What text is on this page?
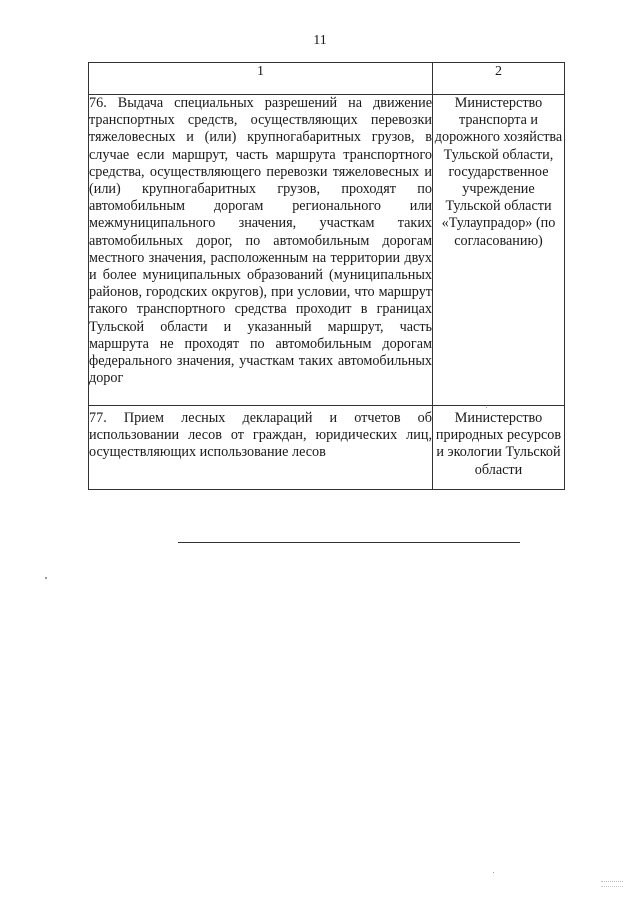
11
1	2
76. Выдача специальных разрешений на движение транспортных средств, осуществляющих перевозки тяжеловесных и (или) крупногабаритных грузов, в случае если маршрут, часть маршрута транспортного средства, осуществляющего перевозки тяжеловесных и (или) крупногабаритных грузов, проходят по автомобильным дорогам регионального или межмуниципального значения, участкам таких автомобильных дорог, по автомобильным дорогам местного значения, расположенным на территории двух и более муниципальных образований (муниципальных районов, городских округов), при условии, что маршрут такого транспортного средства проходит в границах Тульской области и указанный маршрут, часть маршрута не проходят по автомобильным дорогам федерального значения, участкам таких автомобильных дорог	Министерство транспорта и дорожного хозяйства Тульской области, государственное учреждение Тульской области «Тулаупрадор» (по согласованию)
77. Прием лесных деклараций и отчетов об использовании лесов от граждан, юридических лиц, осуществляющих использование лесов	Министерство природных ресурсов и экологии Тульской области
